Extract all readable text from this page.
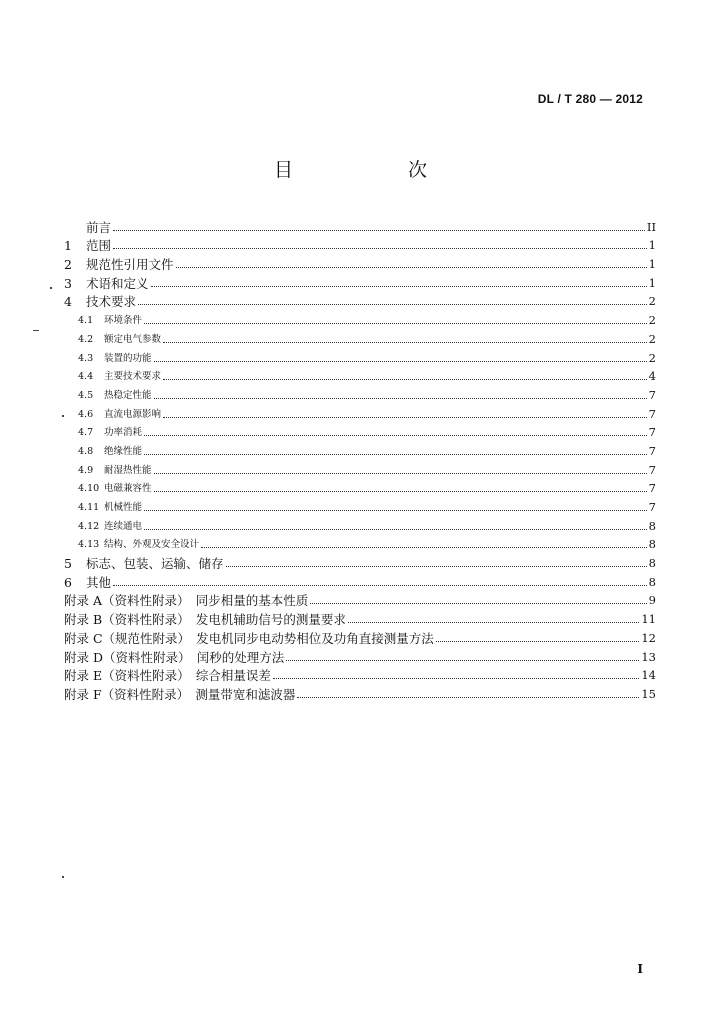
DL / T 280 — 2012
目　次
前言	II
1	范围	1
2	规范性引用文件	1
3	术语和定义	1
4	技术要求	2
4.1	环境条件	2
4.2	额定电气参数	2
4.3	装置的功能	2
4.4	主要技术要求	4
4.5	热稳定性能	7
4.6	直流电源影响	7
4.7	功率消耗	7
4.8	绝缘性能	7
4.9	耐湿热性能	7
4.10 电磁兼容性	7
4.11 机械性能	7
4.12 连续通电	8
4.13 结构、外观及安全设计	8
5	标志、包装、运输、储存	8
6	其他	8
附录 A（资料性附录）　同步相量的基本性质	9
附录 B（资料性附录）　发电机辅助信号的测量要求	11
附录 C（规范性附录）　发电机同步电动势相位及功角直接测量方法	12
附录 D（资料性附录）　闰秒的处理方法	13
附录 E（资料性附录）　综合相量误差	14
附录 F（资料性附录）　测量带宽和滤波器	15
I
